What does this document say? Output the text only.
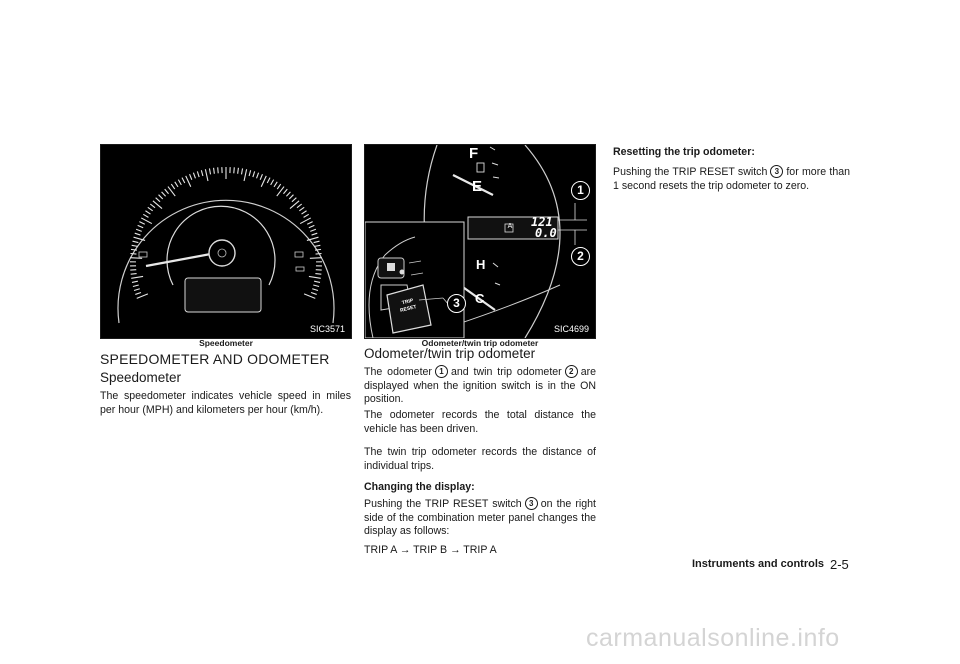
SIC3571
Speedometer
F
E
H
C
A 121
0.0
1
2
3
TRIP
RESET
SIC4699
Odometer/twin trip odometer
SPEEDOMETER AND ODOMETER
Speedometer
The speedometer indicates vehicle speed in miles per hour (MPH) and kilometers per hour (km/h).
Odometer/twin trip odometer
The odometer 1 and twin trip odometer 2 are displayed when the ignition switch is in the ON position.
The odometer records the total distance the vehicle has been driven.
The twin trip odometer records the distance of individual trips.
Changing the display:
Pushing the TRIP RESET switch 3 on the right side of the combination meter panel changes the display as follows:
TRIP A → TRIP B → TRIP A
Resetting the trip odometer:
Pushing the TRIP RESET switch 3 for more than 1 second resets the trip odometer to zero.
Instruments and controls 2-5
carmanualsonline.info
